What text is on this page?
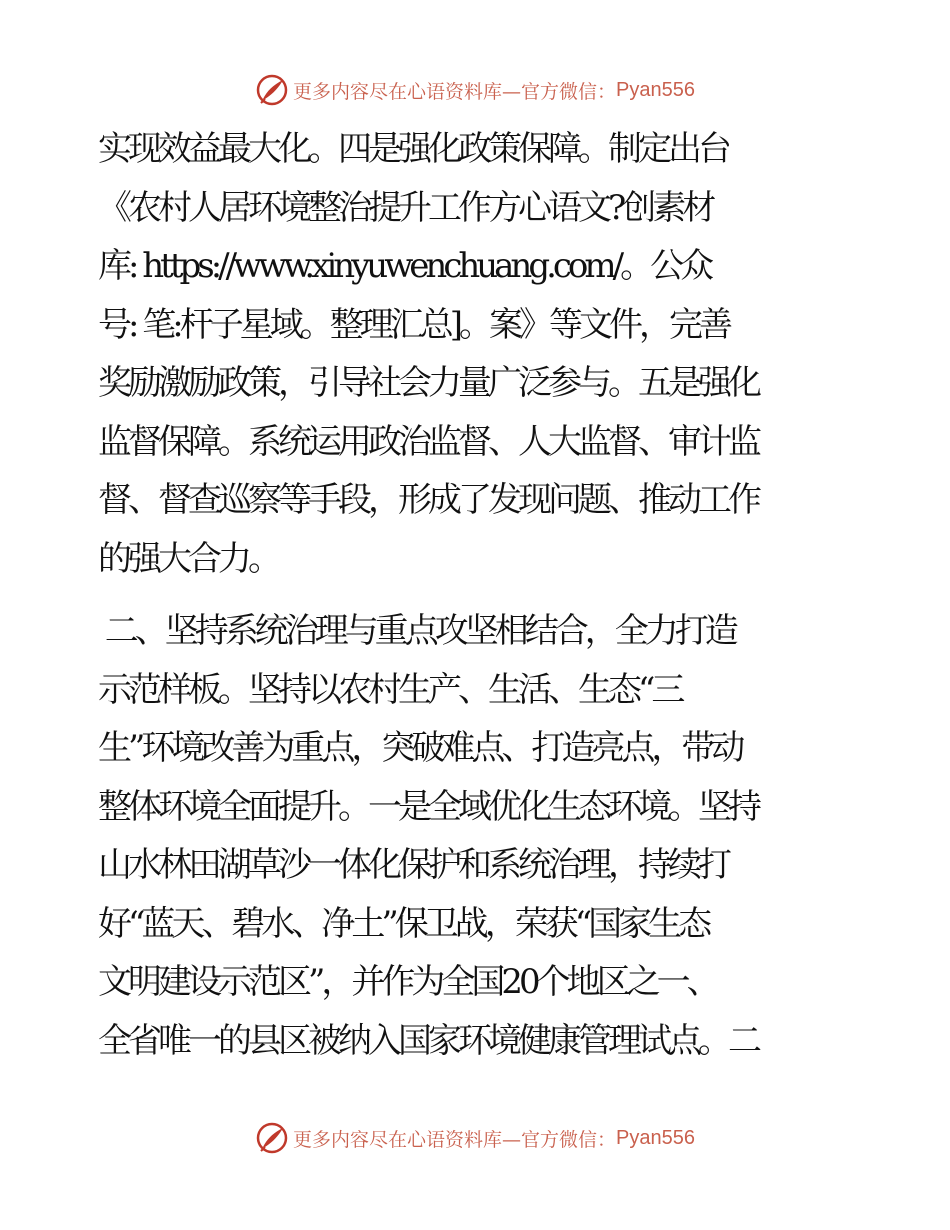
更多内容尽在心语资料库—官方微信： Pyan556
实现效益最大化。四是强化政策保障。制定出台
《农村人居环境整治提升工作方心语文?创素材
库: https://www.xinyuwenchuang.com/。公众
号: 笔:杆子星域。整理汇总]。案》等文件，完善
奖励激励政策，引导社会力量广泛参与。五是强化
监督保障。系统运用政治监督、人大监督、审计监
督、督查巡察等手段，形成了发现问题、推动工作
的强大合力。
二、坚持系统治理与重点攻坚相结合，全力打造
示范样板。坚持以农村生产、生活、生态“三
生”环境改善为重点，突破难点、打造亮点，带动
整体环境全面提升。一是全域优化生态环境。坚持
山水林田湖草沙一体化保护和系统治理，持续打
好“蓝天、碧水、净土”保卫战，荣获“国家生态
文明建设示范区”，并作为全国20个地区之一、
全省唯一的县区被纳入国家环境健康管理试点。二
更多内容尽在心语资料库—官方微信： Pyan556
